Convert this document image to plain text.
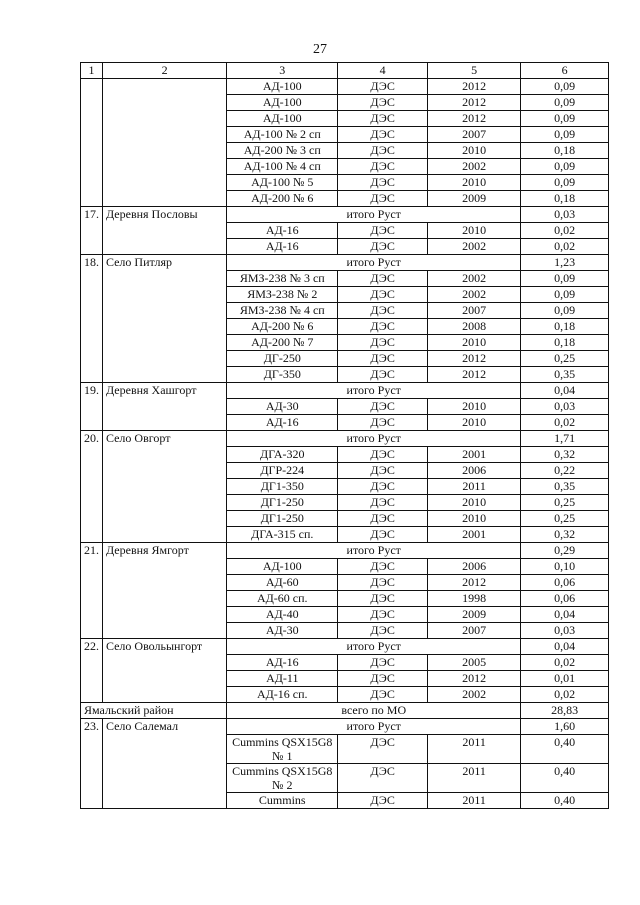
27
1	2	3	4	5	6
		АД-100	ДЭС	2012	0,09
		АД-100	ДЭС	2012	0,09
		АД-100	ДЭС	2012	0,09
		АД-100 № 2 сп	ДЭС	2007	0,09
		АД-200 № 3 сп	ДЭС	2010	0,18
		АД-100 № 4 сп	ДЭС	2002	0,09
		АД-100 № 5	ДЭС	2010	0,09
		АД-200 № 6	ДЭС	2009	0,18
17.	Деревня Пословы	итого Руст			0,03
		АД-16	ДЭС	2010	0,02
		АД-16	ДЭС	2002	0,02
18.	Село Питляр	итого Руст			1,23
		ЯМЗ-238 № 3 сп	ДЭС	2002	0,09
		ЯМЗ-238 № 2	ДЭС	2002	0,09
		ЯМЗ-238 № 4 сп	ДЭС	2007	0,09
		АД-200 № 6	ДЭС	2008	0,18
		АД-200 № 7	ДЭС	2010	0,18
		ДГ-250	ДЭС	2012	0,25
		ДГ-350	ДЭС	2012	0,35
19.	Деревня Хашгорт	итого Руст			0,04
		АД-30	ДЭС	2010	0,03
		АД-16	ДЭС	2010	0,02
20.	Село Овгорт	итого Руст			1,71
		ДГА-320	ДЭС	2001	0,32
		ДГР-224	ДЭС	2006	0,22
		ДГ1-350	ДЭС	2011	0,35
		ДГ1-250	ДЭС	2010	0,25
		ДГ1-250	ДЭС	2010	0,25
		ДГА-315 сп.	ДЭС	2001	0,32
21.	Деревня Ямгорт	итого Руст			0,29
		АД-100	ДЭС	2006	0,10
		АД-60	ДЭС	2012	0,06
		АД-60 сп.	ДЭС	1998	0,06
		АД-40	ДЭС	2009	0,04
		АД-30	ДЭС	2007	0,03
22.	Село Овольынгорт	итого Руст			0,04
		АД-16	ДЭС	2005	0,02
		АД-11	ДЭС	2012	0,01
		АД-16 сп.	ДЭС	2002	0,02
Ямальский район		всего по МО			28,83
23.	Село Салемал	итого Руст			1,60
		Cummins QSX15G8 № 1	ДЭС	2011	0,40
		Cummins QSX15G8 № 2	ДЭС	2011	0,40
		Cummins	ДЭС	2011	0,40
